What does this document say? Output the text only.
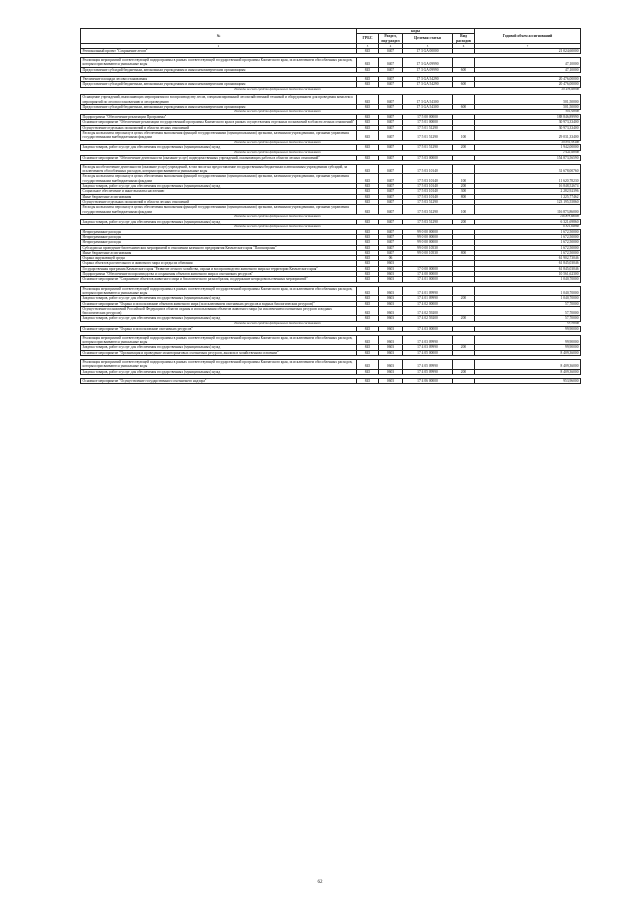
№	коды				Годовой объем ассигнований
	ГРБС	Раздел, под-раздел	Целевая статья	Вид расходов	
2	3	4	5	6	7
Региональный проект "Сохранение лесов"	845	0407	17 3 GA 00000		21 024,60000

Реализация мероприятий соответствующей подпрограммы в рамках соответствующей государственной программы Камчатского края, за исключением обособленных расходов, которым присваиваются уникальные коды	845	0407	17 3 GA 09990		47,10000
Предоставление субсидий бюджетным, автономным учреждениям и иным некоммерческим организациям	845	0407	17 3 GA 09990	600	47,10000

Увеличение площади лесовосстановления	845	0407	17 3 GA 54290		20 476,00000
Предоставление субсидий бюджетным, автономным учреждениям и иным некоммерческим организациям	845	0407	17 3 GA 54290	600	20 476,00000
Расходы за счет средств федерального бюджета составляют					20 476,00000

Оснащение учреждений, выполняющих мероприятия по воспроизводству лесов, специализированной лесохозяйственной техникой и оборудованием для проведения комплекса мероприятий по лесовосстановлению и лесоразведению	845	0407	17 3 GA 54300		501,50000
Предоставление субсидий бюджетным, автономным учреждениям и иным некоммерческим организациям	845	0407	17 3 GA 54300	600	501,50000
Расходы за счет средств федерального бюджета составляют					501,50000
Подпрограмма "Обеспечение реализации Программы"	845	0407	17 5 00 00000		188 846,89990
Основное мероприятие "Обеспечение реализации государственной программы Камчатского края в рамках осуществления отдельных полномочий в области лесных отношений"	845	0407	17 5 01 00000		30 973,33400
Осуществление отдельных полномочий в области лесных отношений	845	0407	17 5 01 51290		30 973,33400
Расходы на выплаты персоналу в целях обеспечения выполнения функций государственными (муниципальными) органами, казенными учреждениями, органами управления государственными внебюджетными фондами	845	0407	17 5 01 51290	100	29 031,33400
Расходы за счет средств федерального бюджета составляют					29 031,33400
Закупка товаров, работ и услуг для обеспечения государственных (муниципальных) нужд	845	0407	17 5 01 51290	200	1 942,00000
Расходы за счет средств федерального бюджета составляют					1 942,00000
Основное мероприятие "Обеспечение деятельности (оказание услуг) подведомственных учреждений, оказывающих работы в области лесных отношений"	845	0407	17 5 03 00000		154 873,56590

Расходы на обеспечение деятельности (оказание услуг) учреждений, в том числе на предоставление государственным бюджетным и автономным учреждениям субсидий, за исключением обособленных расходов, которым присваиваются уникальные коды	845	0407	17 5 03 10140		31 678,00760
Расходы на выплаты персоналу в целях обеспечения выполнения функций государственными (муниципальными) органами, казенными учреждениями, органами управления государственными внебюджетными фондами	845	0407	17 5 03 10140	100	11 620,78230
Закупка товаров, работ и услуг для обеспечения государственных (муниципальных) нужд	845	0407	17 5 03 10140	200	16 848,52674
Социальное обеспечение и иные выплаты населению	845	0407	17 5 03 10140	300	2 282,92396
Иные бюджетные ассигнования	845	0407	17 5 03 10140	800	1 225,77462
Осуществление отдельных полномочий в области лесных отношений	845	0407	17 5 03 51290		123 195,55860
Расходы на выплаты персоналу в целях обеспечения выполнения функций государственными (муниципальными) органами, казенными учреждениями, органами управления государственными внебюджетными фондами	845	0407	17 5 03 51290	100	116 873,86000
Расходы за счет средств федерального бюджета составляют					116 873,86000
Закупка товаров, работ и услуг для обеспечения государственных (муниципальных) нужд	845	0407	17 5 03 51290	200	6 321,69860
Расходы за счет средств федерального бюджета составляют					6 321,69860
Непрограммные расходы	845	0407	99 0 00 00000		1 672,50000
Непрограммные расходы	845	0407	99 0 00 00000		1 672,50000
Непрограммные расходы	845	0407	99 0 00 00000		1 672,50000
Субсидии на проведение биотехнических мероприятий в отношении казенного предприятия Камчатского края "Пасокохраны"	845	0407	99 0 00 10530		1 672,50000
Иные бюджетные ассигнования	845	0407	99 0 00 10530	800	1 672,50000
Охрана окружающей среды	845	06			61 902,73046
Охрана объектов растительного и животного мира и среды их обитания	845	0603			61 845,03046
Государственная программа Камчатского края "Развитие лесного хозяйства, охрана и воспроизводство животного мира на территории Камчатского края"	845	0603	17 0 00 00000		61 845,03046
Подпрограмма "Обеспечение воспроизводства и сохранения объектов животного мира и охотничьих ресурсов"	845	0603	17 4 00 00000		10 561,62300
Основное мероприятие "Сохранение объектов животного мира и биологического разнообразия, поддержание непродовольственных мероприятий"	845	0603	17 4 01 00000		1 040,70000

Реализация мероприятий соответствующей подпрограммы в рамках соответствующей государственной программы Камчатского края, за исключением обособленных расходов, которым присваиваются уникальные коды	845	0603	17 4 01 09990		1 040,70000
Закупка товаров, работ и услуг для обеспечения государственных (муниципальных) нужд	845	0603	17 4 01 09990	200	1 040,70000
Основное мероприятие "Охрана и использование объектов животного мира (за исключением охотничьих ресурсов и водных биологических ресурсов)"	845	0603	17 4 02 00000		57,70000
Осуществление полномочий Российской Федерации в области охраны и использования объектов животного мира (за исключением охотничьих ресурсов и водных биологических ресурсов)	845	0603	17 4 02 59200		57,70000
Закупка товаров, работ и услуг для обеспечения государственных (муниципальных) нужд	845	0603	17 4 02 59200	200	57,70000
Расходы за счет средств федерального бюджета составляют					57,70000
Основное мероприятие "Охрана и использование охотничьих ресурсов"	845	0603	17 4 03 00000		99,90000

Реализация мероприятий соответствующей подпрограммы в рамках соответствующей государственной программы Камчатского края, за исключением обособленных расходов, которым присваиваются уникальные коды	845	0603	17 4 03 09990		99,90000
Закупка товаров, работ и услуг для обеспечения государственных (муниципальных) нужд	845	0603	17 4 03 09990	200	99,90000
Основное мероприятие "Организация и проведение мониторинговых охотничьих ресурсов, анализа в хозяйственном освоении"	845	0603	17 4 05 00000		8 409,36000

Реализация мероприятий соответствующей подпрограммы в рамках соответствующей государственной программы Камчатского края, за исключением обособленных расходов, которым присваиваются уникальные коды	845	0603	17 4 05 09990		8 409,36000
Закупка товаров, работ и услуг для обеспечения государственных (муниципальных) нужд	845	0603	17 4 05 09990	200	8 409,36000

Основное мероприятие "Осуществление государственного охотничьего надзора"	845	0603	17 4 06 00000		953,96000
62
